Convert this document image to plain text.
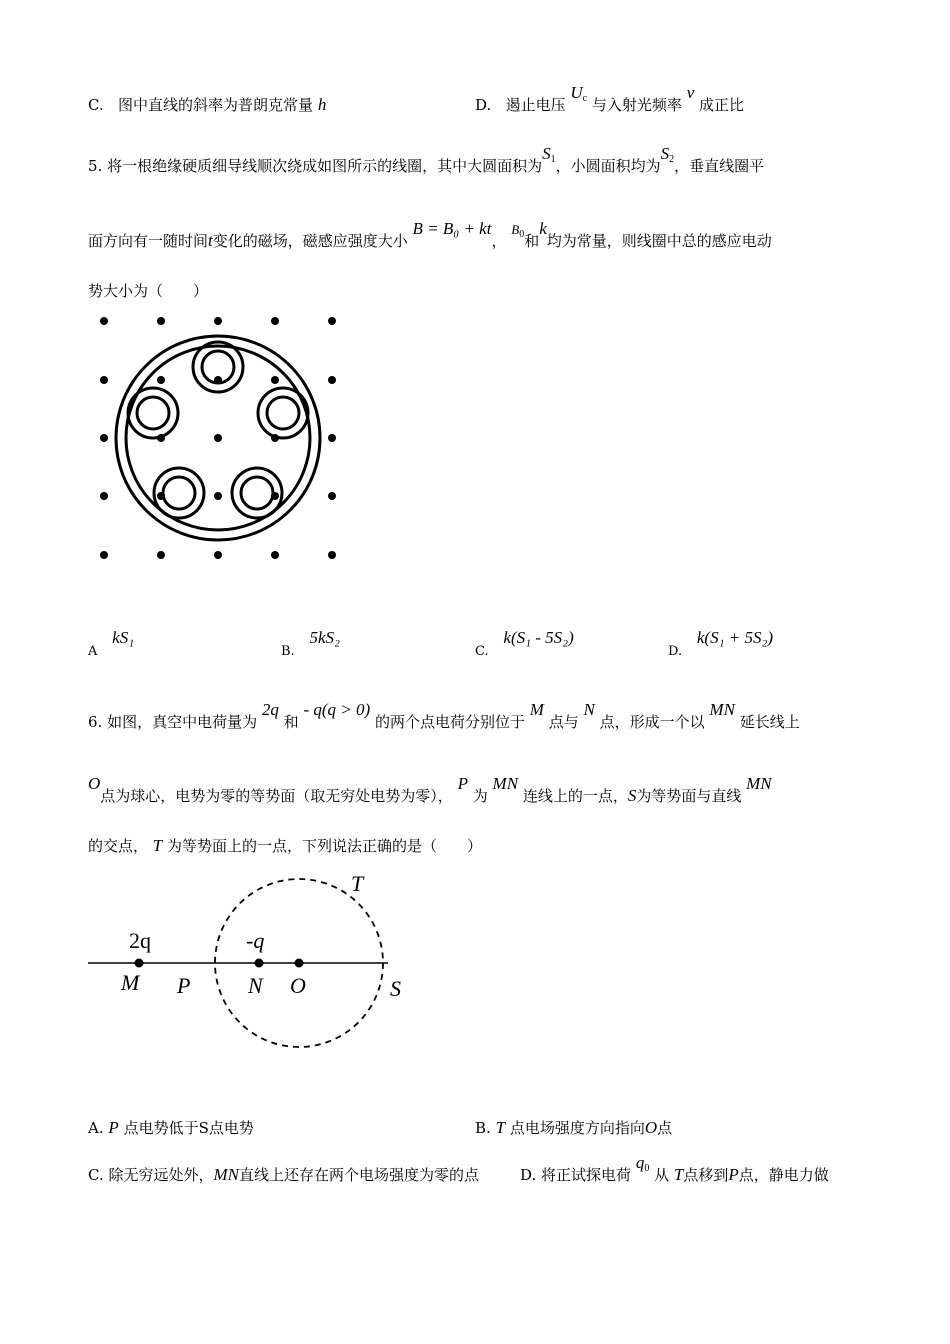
C. 图中直线的斜率为普朗克常量 h	D. 遏止电压 $U_c$ 与入射光频率 ν 成正比
5. 将一根绝缘硬质细导线顺次绕成如图所示的线圈，其中大圆面积为$S_1$，小圆面积均为$S_2$，垂直线圈平
面方向有一随时间t变化的磁场，磁感应强度大小 B = B₀ + kt， $B_0$和k均为常量，则线圈中总的感应电动
势大小为（　　）
A kS₁
B. 5kS₂
C. k(S₁ - 5S₂)
D. k(S₁ + 5S₂)
6. 如图，真空中电荷量为 2q 和 - q(q > 0) 的两个点电荷分别位于 M 点与 N 点，形成一个以 MN 延长线上
O点为球心，电势为零的等势面（取无穷处电势为零）， P 为 MN 连线上的一点，S为等势面与直线 MN
的交点， T 为等势面上的一点，下列说法正确的是（　　）
2q	-q
M P	N O	S
T
A. P 点电势低于S点电势	B. T 点电场强度方向指向O点
C. 除无穷远处外，MN直线上还存在两个电场强度为零的点	D. 将正试探电荷 $q_0$ 从 T点移到P点，静电力做
